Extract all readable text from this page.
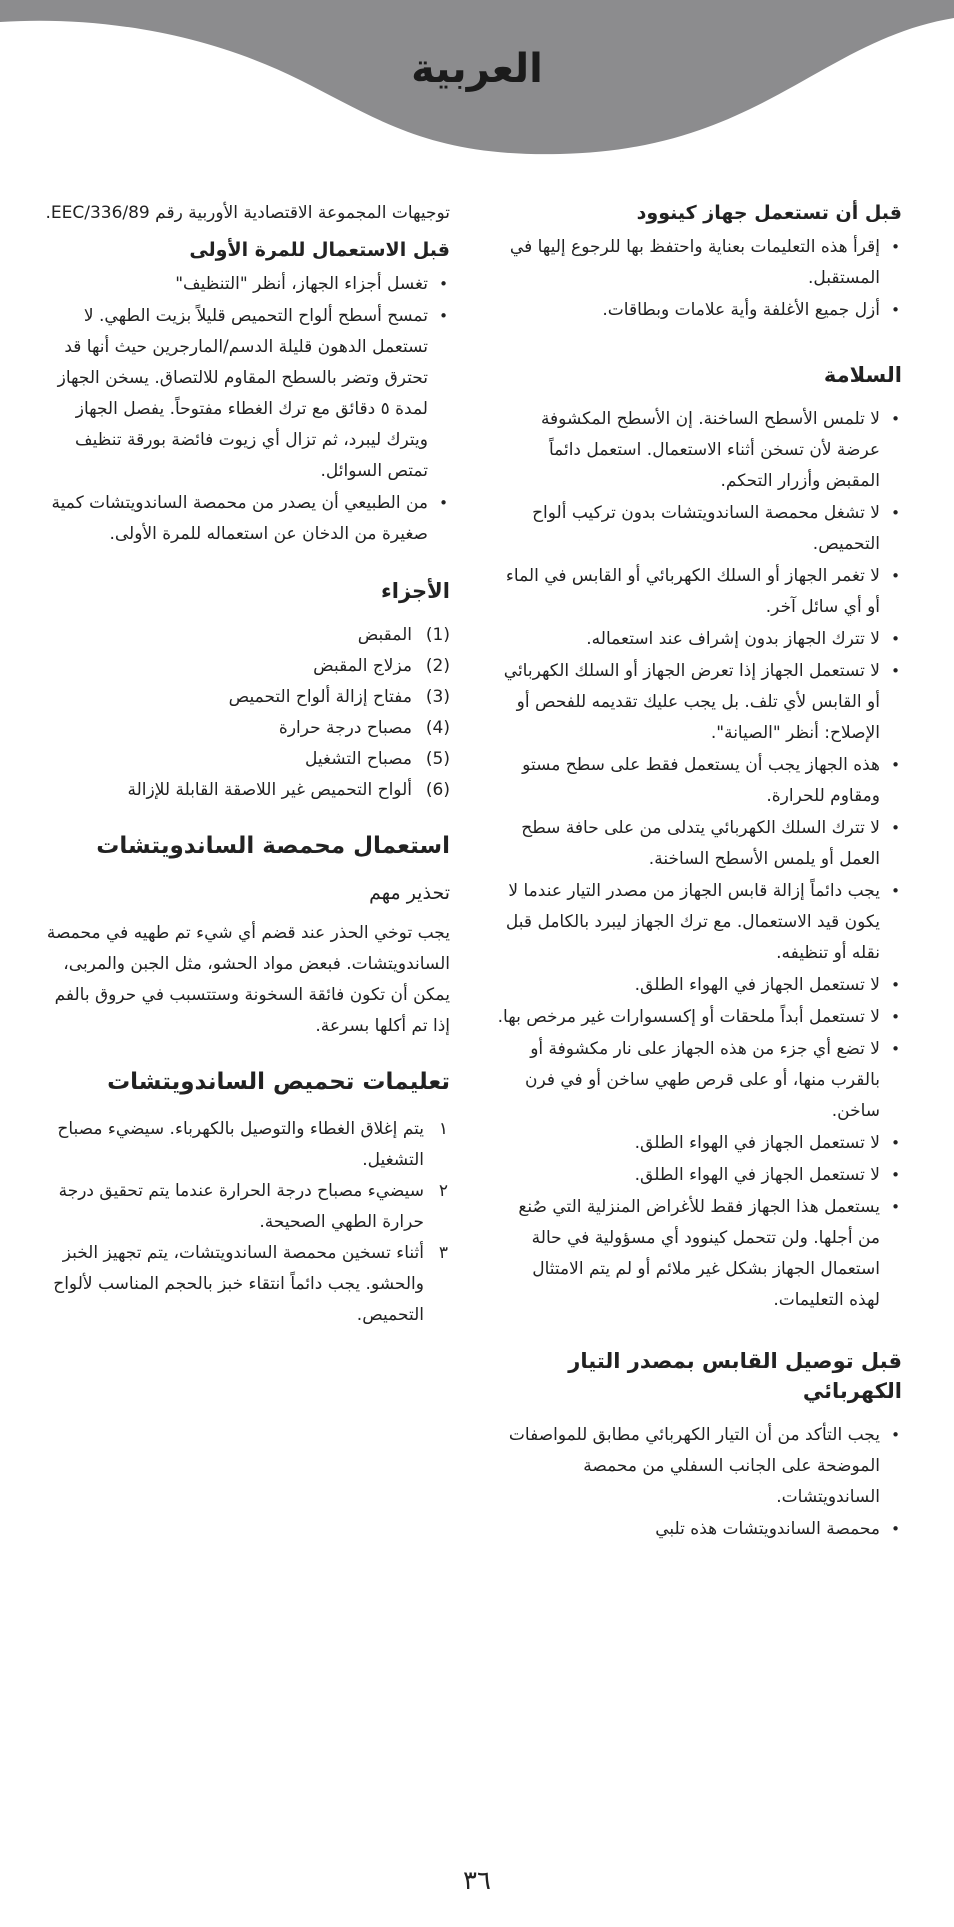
العربية
قبل أن تستعمل جهاز كينوود
• إقرأ هذه التعليمات بعناية واحتفظ بها للرجوع إليها في المستقبل.
• أزل جميع الأغلفة وأية علامات وبطاقات.
السلامة
• لا تلمس الأسطح الساخنة. إن الأسطح المكشوفة عرضة لأن تسخن أثناء الاستعمال. استعمل دائماً المقبض وأزرار التحكم.
• لا تشغل محمصة الساندويتشات بدون تركيب ألواح التحميص.
• لا تغمر الجهاز أو السلك الكهربائي أو القابس في الماء أو أي سائل آخر.
• لا تترك الجهاز بدون إشراف عند استعماله.
• لا تستعمل الجهاز إذا تعرض الجهاز أو السلك الكهربائي أو القابس لأي تلف. بل يجب عليك تقديمه للفحص أو الإصلاح: أنظر "الصيانة".
• هذه الجهاز يجب أن يستعمل فقط على سطح مستو ومقاوم للحرارة.
• لا تترك السلك الكهربائي يتدلى من على حافة سطح العمل أو يلمس الأسطح الساخنة.
• يجب دائماً إزالة قابس الجهاز من مصدر التيار عندما لا يكون قيد الاستعمال. مع ترك الجهاز ليبرد بالكامل قبل نقله أو تنظيفه.
• لا تستعمل الجهاز في الهواء الطلق.
• لا تستعمل أبداً ملحقات أو إكسسوارات غير مرخص بها.
• لا تضع أي جزء من هذه الجهاز على نار مكشوفة أو بالقرب منها، أو على قرص طهي ساخن أو في فرن ساخن.
• لا تستعمل الجهاز في الهواء الطلق.
• لا تستعمل الجهاز في الهواء الطلق.
• يستعمل هذا الجهاز فقط للأغراض المنزلية التي صُنع من أجلها. ولن تتحمل كينوود أي مسؤولية في حالة استعمال الجهاز بشكل غير ملائم أو لم يتم الامتثال لهذه التعليمات.
قبل توصيل القابس بمصدر التيار الكهربائي
• يجب التأكد من أن التيار الكهربائي مطابق للمواصفات الموضحة على الجانب السفلي من محمصة الساندويتشات.
• محمصة الساندويتشات هذه تلبي

توجيهات المجموعة الاقتصادية الأوربية رقم EEC/336/89.

قبل الاستعمال للمرة الأولى
• تغسل أجزاء الجهاز، أنظر "التنظيف"
• تمسح أسطح ألواح التحميص قليلاً بزيت الطهي. لا تستعمل الدهون قليلة الدسم/المارجرين حيث أنها قد تحترق وتضر بالسطح المقاوم للالتصاق. يسخن الجهاز لمدة ٥ دقائق مع ترك الغطاء مفتوحاً. يفصل الجهاز ويترك ليبرد، ثم تزال أي زيوت فائضة بورقة تنظيف تمتص السوائل.
• من الطبيعي أن يصدر من محمصة الساندويتشات كمية صغيرة من الدخان عن استعماله للمرة الأولى.
الأجزاء
(1)
المقبض
(2)
مزلاج المقبض
(3)
مفتاح إزالة ألواح التحميص
(4)
مصباح درجة حرارة
(5)
مصباح التشغيل
(6)
ألواح التحميص غير اللاصقة القابلة للإزالة
استعمال محمصة الساندويتشات
تحذير مهم

يجب توخي الحذر عند قضم أي شيء تم طهيه في محمصة الساندويتشات. فبعض مواد الحشو، مثل الجبن والمربى، يمكن أن تكون فائقة السخونة وستتسبب في حروق بالفم إذا تم أكلها بسرعة.

تعليمات تحميص الساندويتشات
١
يتم إغلاق الغطاء والتوصيل بالكهرباء. سيضيء مصباح التشغيل.
٢
سيضيء مصباح درجة الحرارة عندما يتم تحقيق درجة حرارة الطهي الصحيحة.
٣
أثناء تسخين محمصة الساندويتشات، يتم تجهيز الخبز والحشو. يجب دائماً انتقاء خبز بالحجم المناسب لألواح التحميص.
٣٦
